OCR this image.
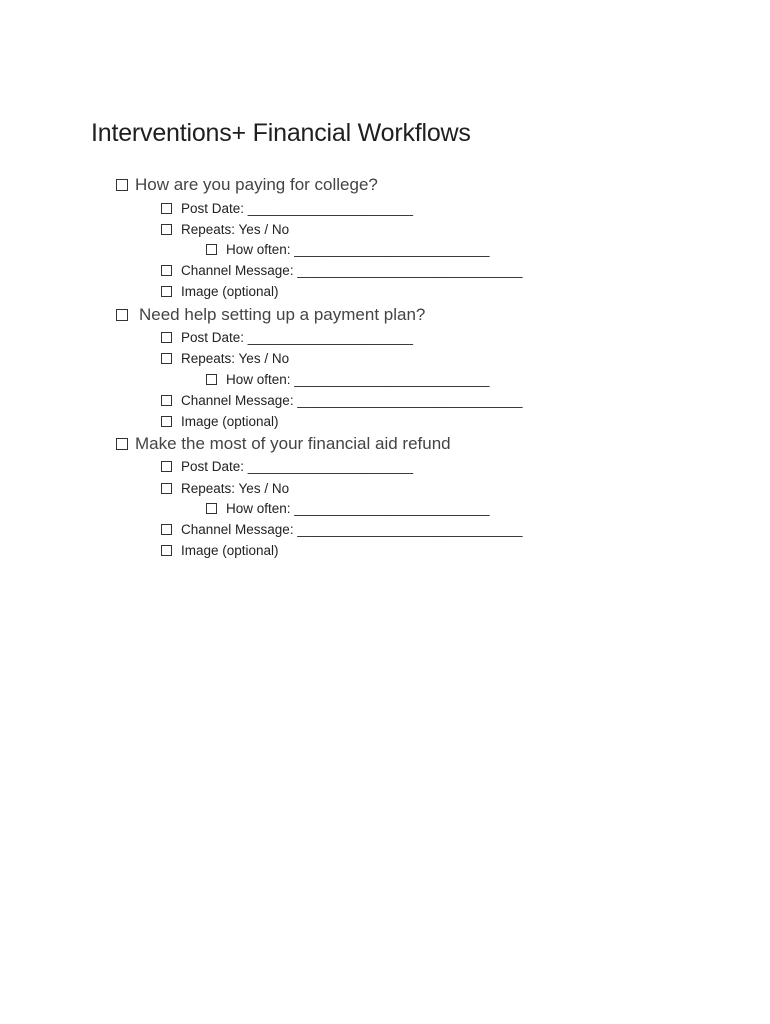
Interventions+ Financial Workflows
How are you paying for college?
Post Date: ______________________
Repeats: Yes / No
How often: __________________________
Channel Message: ______________________________
Image (optional)
Need help setting up a payment plan?
Post Date: ______________________
Repeats: Yes / No
How often: __________________________
Channel Message: ______________________________
Image (optional)
Make the most of your financial aid refund
Post Date: ______________________
Repeats: Yes / No
How often: __________________________
Channel Message: ______________________________
Image (optional)
